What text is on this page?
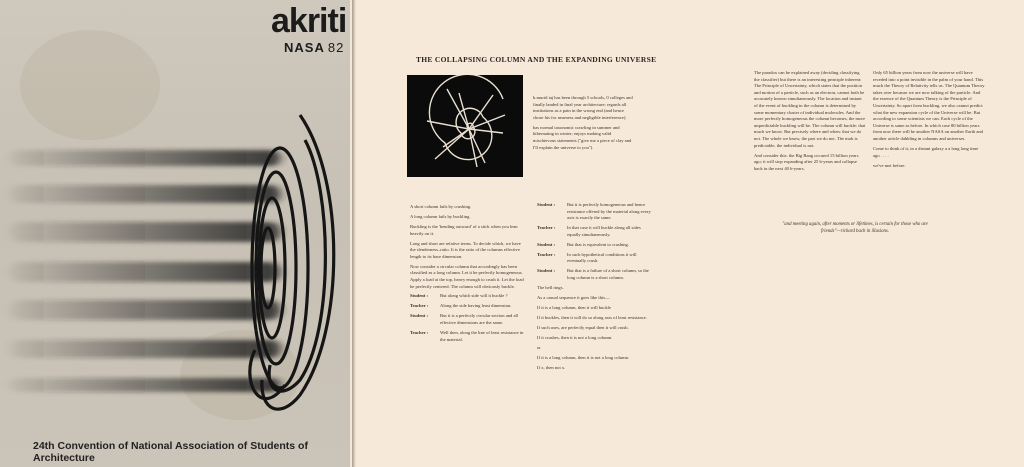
akriti
NASA 82
24th Convention of National Association of Students of Architecture
THE COLLAPSING COLUMN AND THE EXPANDING UNIVERSE

h.murid taj has been through 5 schools, 0 colleges and finally landed in final year architecture; regards all institutions as a pain in the wrong end (and hence chose his for nearness and negligible interference).

has normal taxonomic crawling in summer and hibernating in winter; enjoys making valid mischievous statements ("give me a piece of clay and I'll explain the universe to you").

A short column fails by crushing.

A long column fails by buckling.

Buckling is the 'bending outward' of a stick when you lean heavily on it.

Long and short are relative terms. To decide which, we have the slenderness–ratio. It is the ratio of the columns effective length to its base dimension.

Now consider a circular column that accordingly has been classified as a long column. Let it be perfectly homogeneous. Apply a load at the top, heavy enough to crush it. Let the load be perfectly centered. The column will obviously buckle.

Student :	But along which side will it buckle ?
Teacher :	Along the side having least dimension.
Student :	But it is a perfectly circular section and all effective dimensions are the same.
Teacher :	Well then, along the line of least resistance in the material.
Student :	But it is perfectly homogeneous and hence resistance offered by the material along every axis is exactly the same.
Teacher :	In that case it will buckle along all sides equally simultaneously.
Student :	But that is equivalent to crushing.
Teacher :	In such hypothetical conditions it will eventually crush.
Student :	But that is a failure of a short column, so the long column is a short column.

The bell rings.

As a casual sequence it goes like this—

If it is a long column, then it will buckle

If it buckles, then it will do so along axis of least resistance.

If such axes, are perfectly equal then it will crush.

If it crushes, then it is not a long column.

or

If it is a long column, then it is not a long column.

If x, then not x.

The paradox can be explained away (deciding classifying the classifier) but there is an interesting principle inherent: The Principle of Uncertainty, which states that the position and motion of a particle, such as an electron, cannot both be accurately known simultaneously. The location and instant of the event of buckling in the column is determined by some momentary cluster of individual molecules. And the more perfectly homogeneous the column becomes, the more unpredictable buckling will be. The column will buckle: that much we know. But precisely where and when: that we do not. The whole we know, the part we do not. The mob is predictable, the individual is not.

And consider this: the Big Bang occured 15 billion years ago; it will stop expanding after 25 b-years and collapse back in the next 40 b-years.

Only 65 billion years from now the universe will have receded into a point invisible in the palm of your hand. This much the Theory of Relativity tells us. The Quantum Theory takes over because we are now talking of the particle. And the essence of the Quantum Theory is the Principle of Uncertainty. So apart from buckling, we also cannot predict what the new expansion cycle of the Universe will be. But according to some scientists we can. Each cycle of the Universe is same as before. In which case 80 billion years from now there will be another NASA on another Earth and another article dabbling in columns and universes.

Come to think of it, in a distant galaxy a a long long time ago . . . .

we've met before.

"and meeting again, after moments or lifetimes, is certain for those who are friends"—richard bach in illusions.
